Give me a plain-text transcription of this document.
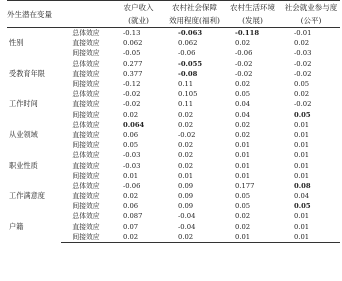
外生潜在变量		农户收入	农村社会保障	农村生活环境	社会就业参与度
		(就业)	效用程度(福利)	(发展)	(公平)
性别	总体效应	-0.13	-0.063	-0.118	-0.01
	直接效应	0.062	0.062	0.02	0.02
	间接效应	-0.05	-0.06	-0.06	-0.03
受教育年限	总体效应	0.277	-0.055	-0.02	-0.02
	直接效应	0.377	-0.08	-0.02	-0.02
	间接效应	-0.12	0.11	0.02	0.05
工作时间	总体效应	-0.02	0.105	0.05	0.02
	直接效应	-0.02	0.11	0.04	-0.02
	间接效应	0.02	0.02	0.04	0.05
从业领域	总体效应	0.064	0.02	0.02	0.01
	直接效应	0.06	-0.02	0.02	0.01
	间接效应	0.05	0.02	0.01	0.01
职业性质	总体效应	-0.03	0.02	0.01	0.01
	直接效应	-0.03	0.02	0.01	0.01
	间接效应	0.01	0.01	0.01	0.01
工作满意度	总体效应	-0.06	0.09	0.177	0.08
	直接效应	0.02	0.09	0.05	0.04
	间接效应	0.06	0.09	0.05	0.05
户籍	总体效应	0.087	-0.04	0.02	0.01
	直接效应	0.07	-0.04	0.02	0.01
	间接效应	0.02	0.02	0.01	0.01
